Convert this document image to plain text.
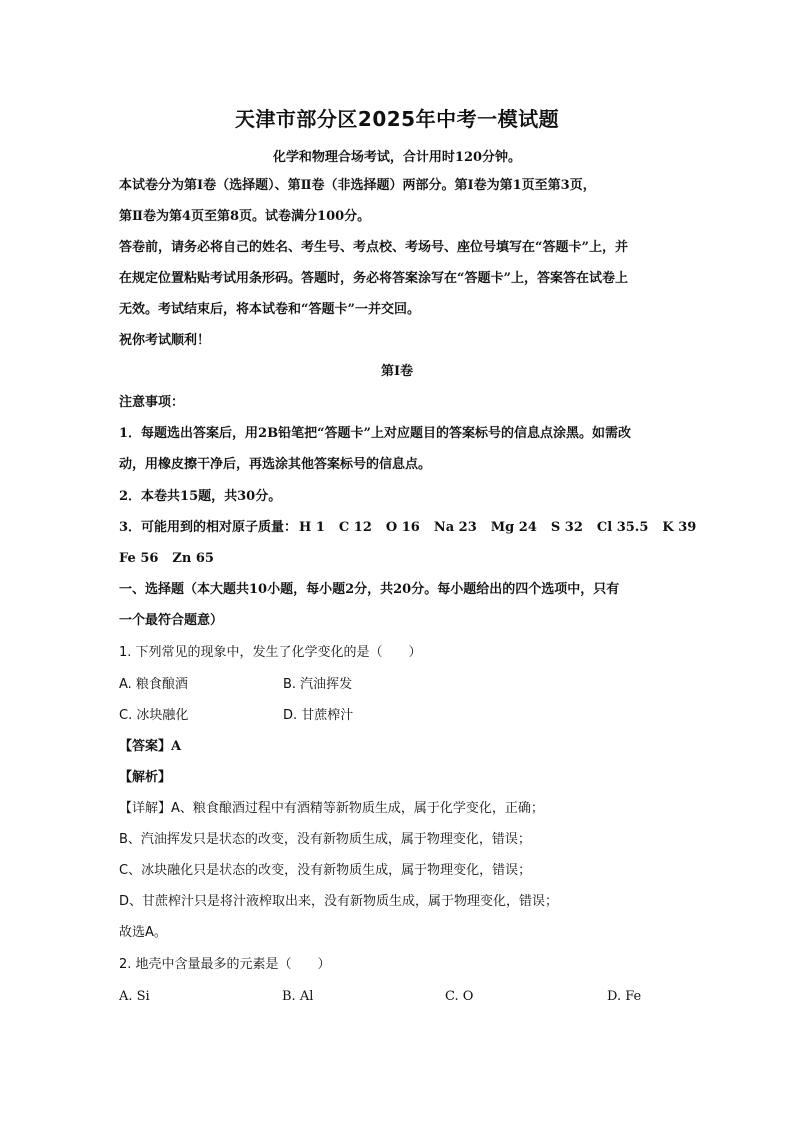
天津市部分区2025年中考一模试题
化学和物理合场考试，合计用时120分钟。
本试卷分为第Ⅰ卷（选择题）、第Ⅱ卷（非选择题）两部分。第Ⅰ卷为第1页至第3页，
第Ⅱ卷为第4页至第8页。试卷满分100分。
答卷前，请务必将自己的姓名、考生号、考点校、考场号、座位号填写在“答题卡”上，并
在规定位置粘贴考试用条形码。答题时，务必将答案涂写在“答题卡”上，答案答在试卷上
无效。考试结束后，将本试卷和“答题卡”一并交回。
祝你考试顺利！
第Ⅰ卷
注意事项：
1．每题选出答案后，用2B铅笔把“答题卡”上对应题目的答案标号的信息点涂黑。如需改
动，用橡皮擦干净后，再选涂其他答案标号的信息点。
2．本卷共15题，共30分。
3．可能用到的相对原子质量： H 1 C 12 O 16 Na 23 Mg 24 S 32 Cl 35.5 K 39
Fe 56 Zn 65
一、选择题（本大题共10小题，每小题2分，共20分。每小题给出的四个选项中，只有
一个最符合题意）
1. 下列常见的现象中，发生了化学变化的是（　　）
A. 粮食酿酒	B. 汽油挥发
C. 冰块融化	D. 甘蔗榨汁
【答案】A
【解析】
【详解】A、粮食酿酒过程中有酒精等新物质生成，属于化学变化，正确；
B、汽油挥发只是状态的改变，没有新物质生成，属于物理变化，错误；
C、冰块融化只是状态的改变，没有新物质生成，属于物理变化，错误；
D、甘蔗榨汁只是将汁液榨取出来，没有新物质生成，属于物理变化，错误；
故选A。
2. 地壳中含量最多的元素是（　　）
A. Si	B. Al	C. O	D. Fe
